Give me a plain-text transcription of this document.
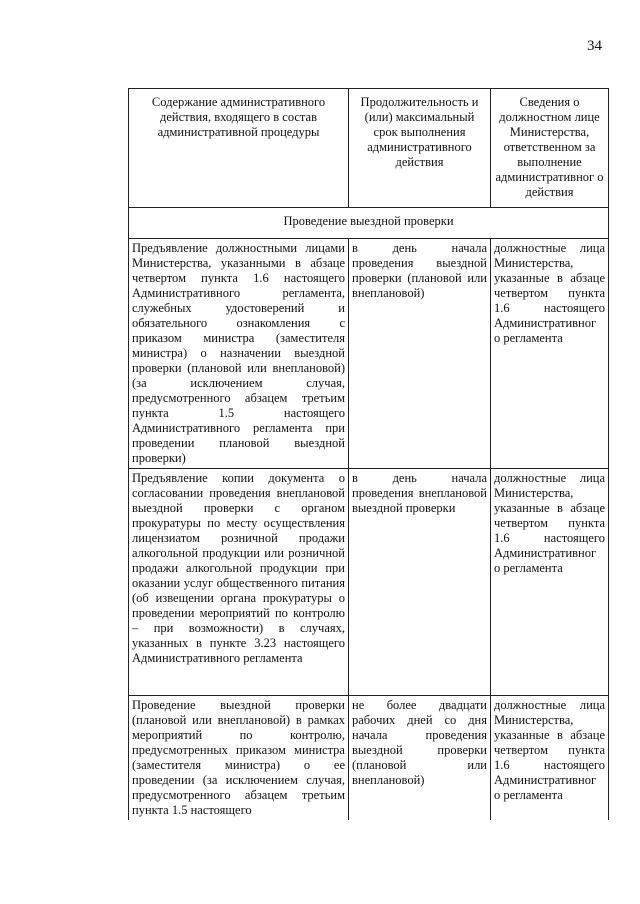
34
Содержание административного действия, входящего в состав административной процедуры	Продолжительность и (или) максимальный срок выполнения административного действия	Сведения о должностном лице Министерства, ответственном за выполнение административног о действия
Проведение выездной проверки		
Предъявление должностными лицами Министерства, указанными в абзаце четвертом пункта 1.6 настоящего Административного регламента, служебных удостоверений и обязательного ознакомления с приказом министра (заместителя министра) о назначении выездной проверки (плановой или внеплановой) (за исключением случая, предусмотренного абзацем третьим пункта 1.5 настоящего Административного регламента при проведении плановой выездной проверки)	в день начала проведения выездной проверки (плановой или внеплановой)	должностные лица Министерства, указанные в абзаце четвертом пункта 1.6 настоящего Административног о регламента
Предъявление копии документа о согласовании проведения внеплановой выездной проверки с органом прокуратуры по месту осуществления лицензиатом розничной продажи алкогольной продукции или розничной продажи алкогольной продукции при оказании услуг общественного питания (об извещении органа прокуратуры о проведении мероприятий по контролю – при возможности) в случаях, указанных в пункте 3.23 настоящего Административного регламента	в день начала проведения внеплановой выездной проверки	должностные лица Министерства, указанные в абзаце четвертом пункта 1.6 настоящего Административног о регламента
Проведение выездной проверки (плановой или внеплановой) в рамках мероприятий по контролю, предусмотренных приказом министра (заместителя министра) о ее проведении (за исключением случая, предусмотренного абзацем третьим пункта 1.5 настоящего	не более двадцати рабочих дней со дня начала проведения выездной проверки (плановой или внеплановой)	должностные лица Министерства, указанные в абзаце четвертом пункта 1.6 настоящего Административног о регламента
